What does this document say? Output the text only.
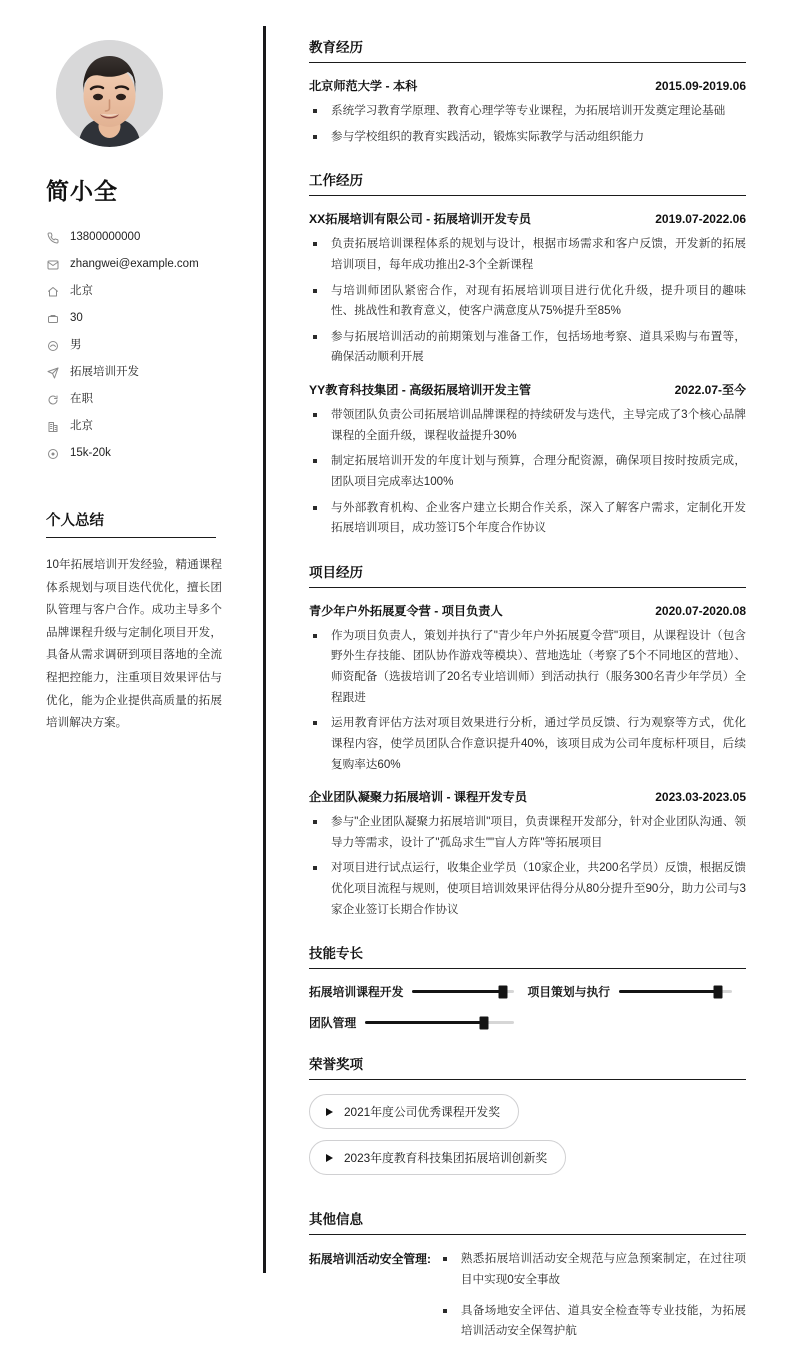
简小全
13800000000
zhangwei@example.com
北京
30
男
拓展培训开发
在职
北京
15k-20k
个人总结

10年拓展培训开发经验，精通课程体系规划与项目迭代优化，擅长团队管理与客户合作。成功主导多个品牌课程升级与定制化项目开发，具备从需求调研到项目落地的全流程把控能力，注重项目效果评估与优化，能为企业提供高质量的拓展培训解决方案。

教育经历
北京师范大学 - 本科	2015.09-2019.06
系统学习教育学原理、教育心理学等专业课程，为拓展培训开发奠定理论基础
参与学校组织的教育实践活动，锻炼实际教学与活动组织能力
工作经历
XX拓展培训有限公司 - 拓展培训开发专员	2019.07-2022.06
负责拓展培训课程体系的规划与设计，根据市场需求和客户反馈，开发新的拓展培训项目，每年成功推出2-3个全新课程
与培训师团队紧密合作，对现有拓展培训项目进行优化升级，提升项目的趣味性、挑战性和教育意义，使客户满意度从75%提升至85%
参与拓展培训活动的前期策划与准备工作，包括场地考察、道具采购与布置等，确保活动顺利开展
YY教育科技集团 - 高级拓展培训开发主管	2022.07-至今
带领团队负责公司拓展培训品牌课程的持续研发与迭代，主导完成了3个核心品牌课程的全面升级，课程收益提升30%
制定拓展培训开发的年度计划与预算，合理分配资源，确保项目按时按质完成，团队项目完成率达100%
与外部教育机构、企业客户建立长期合作关系，深入了解客户需求，定制化开发拓展培训项目，成功签订5个年度合作协议
项目经历
青少年户外拓展夏令营 - 项目负责人	2020.07-2020.08
作为项目负责人，策划并执行了"青少年户外拓展夏令营"项目，从课程设计（包含野外生存技能、团队协作游戏等模块）、营地选址（考察了5个不同地区的营地）、师资配备（选拔培训了20名专业培训师）到活动执行（服务300名青少年学员）全程跟进
运用教育评估方法对项目效果进行分析，通过学员反馈、行为观察等方式，优化课程内容，使学员团队合作意识提升40%，该项目成为公司年度标杆项目，后续复购率达60%
企业团队凝聚力拓展培训 - 课程开发专员	2023.03-2023.05
参与"企业团队凝聚力拓展培训"项目，负责课程开发部分，针对企业团队沟通、领导力等需求，设计了"孤岛求生""盲人方阵"等拓展项目
对项目进行试点运行，收集企业学员（10家企业，共200名学员）反馈，根据反馈优化项目流程与规则，使项目培训效果评估得分从80分提升至90分，助力公司与3家企业签订长期合作协议
技能专长
拓展培训课程开发	项目策划与执行
团队管理
荣誉奖项
2021年度公司优秀课程开发奖
2023年度教育科技集团拓展培训创新奖
其他信息
拓展培训活动安全管理:	熟悉拓展培训活动安全规范与应急预案制定，在过往项目中实现0安全事故
具备场地安全评估、道具安全检查等专业技能，为拓展培训活动安全保驾护航
